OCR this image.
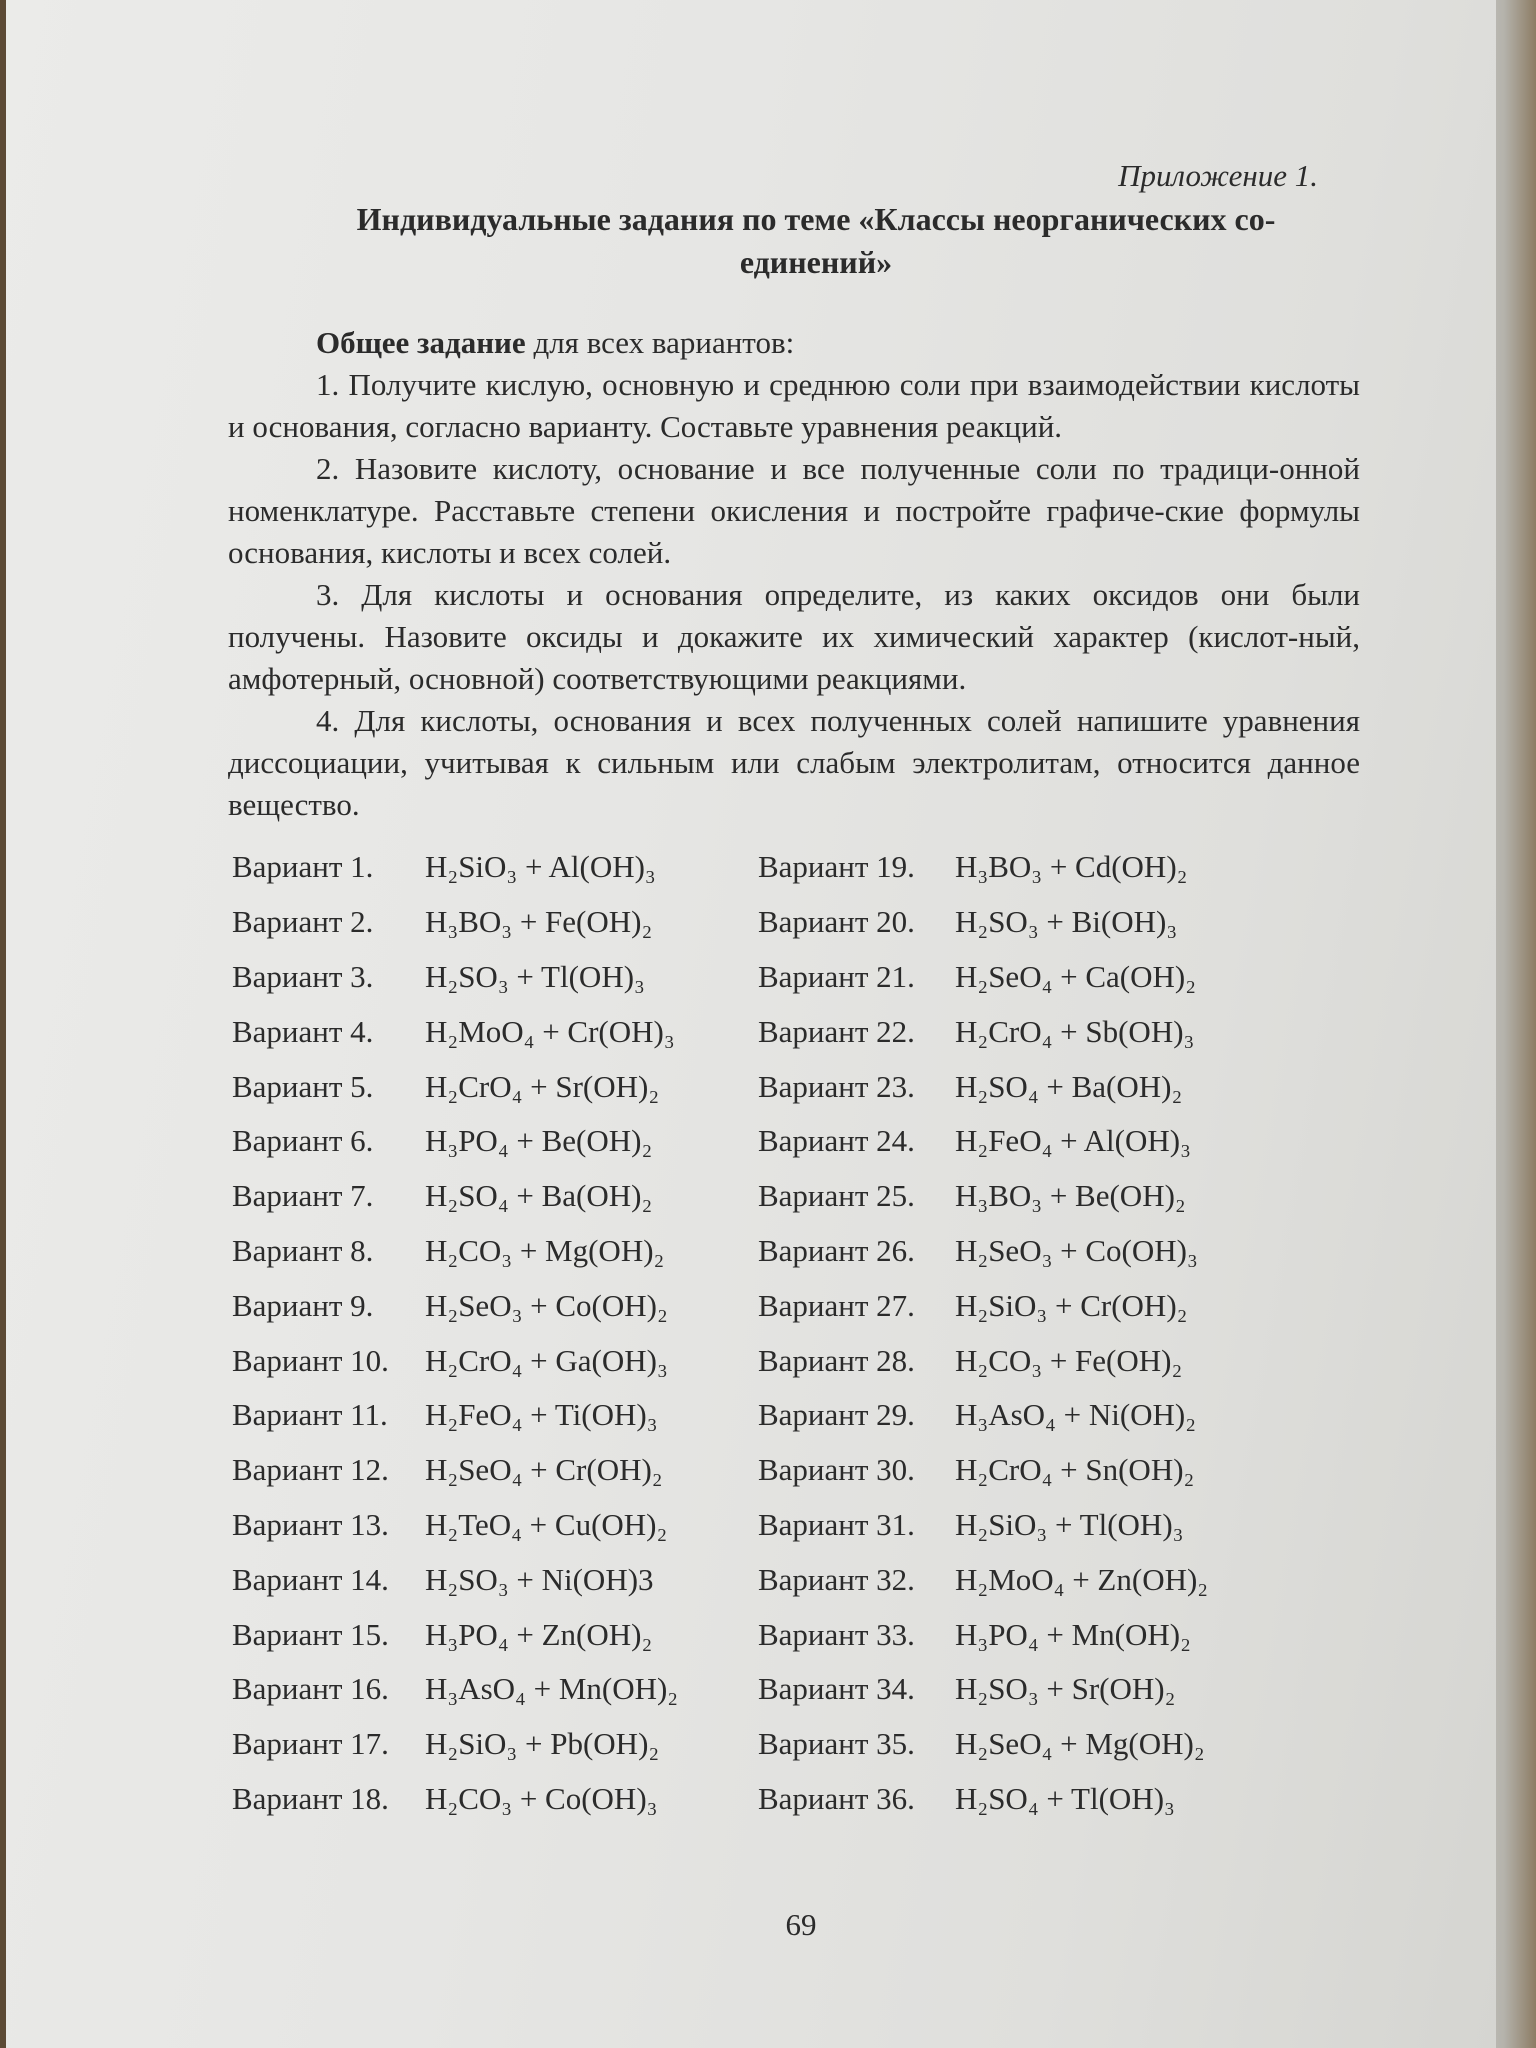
Приложение 1.

Индивидуальные задания по теме «Классы неорганических со-единений»

Общее задание для всех вариантов:

1. Получите кислую, основную и среднюю соли при взаимодействии кислоты и основания, согласно варианту. Составьте уравнения реакций.

2. Назовите кислоту, основание и все полученные соли по традици-онной номенклатуре. Расставьте степени окисления и постройте графиче-ские формулы основания, кислоты и всех солей.

3. Для кислоты и основания определите, из каких оксидов они были получены. Назовите оксиды и докажите их химический характер (кислот-ный, амфотерный, основной) соответствующими реакциями.

4. Для кислоты, основания и всех полученных солей напишите уравнения диссоциации, учитывая к сильным или слабым электролитам, относится данное вещество.

Вариант 1.	H₂SiO₃ + Al(OH)₃
Вариант 2.	H₃BO₃ + Fe(OH)₂
Вариант 3.	H₂SO₃ + Tl(OH)₃
Вариант 4.	H₂MoO₄ + Cr(OH)₃
Вариант 5.	H₂CrO₄ + Sr(OH)₂
Вариант 6.	H₃PO₄ + Be(OH)₂
Вариант 7.	H₂SO₄ + Ba(OH)₂
Вариант 8.	H₂CO₃ + Mg(OH)₂
Вариант 9.	H₂SeO₃ + Co(OH)₂
Вариант 10.	H₂CrO₄ + Ga(OH)₃
Вариант 11.	H₂FeO₄ + Ti(OH)₃
Вариант 12.	H₂SeO₄ + Cr(OH)₂
Вариант 13.	H₂TeO₄ + Cu(OH)₂
Вариант 14.	H₂SO₃ + Ni(OH)3
Вариант 15.	H₃PO₄ + Zn(OH)₂
Вариант 16.	H₃AsO₄ + Mn(OH)₂
Вариант 17.	H₂SiO₃ + Pb(OH)₂
Вариант 18.	H₂CO₃ + Co(OH)₃
Вариант 19.	H₃BO₃ + Cd(OH)₂
Вариант 20.	H₂SO₃ + Bi(OH)₃
Вариант 21.	H₂SeO₄ + Ca(OH)₂
Вариант 22.	H₂CrO₄ + Sb(OH)₃
Вариант 23.	H₂SO₄ + Ba(OH)₂
Вариант 24.	H₂FeO₄ + Al(OH)₃
Вариант 25.	H₃BO₃ + Be(OH)₂
Вариант 26.	H₂SeO₃ + Co(OH)₃
Вариант 27.	H₂SiO₃ + Cr(OH)₂
Вариант 28.	H₂CO₃ + Fe(OH)₂
Вариант 29.	H₃AsO₄ + Ni(OH)₂
Вариант 30.	H₂CrO₄ + Sn(OH)₂
Вариант 31.	H₂SiO₃ + Tl(OH)₃
Вариант 32.	H₂MoO₄ + Zn(OH)₂
Вариант 33.	H₃PO₄ + Mn(OH)₂
Вариант 34.	H₂SO₃ + Sr(OH)₂
Вариант 35.	H₂SeO₄ + Mg(OH)₂
Вариант 36.	H₂SO₄ + Tl(OH)₃

69
